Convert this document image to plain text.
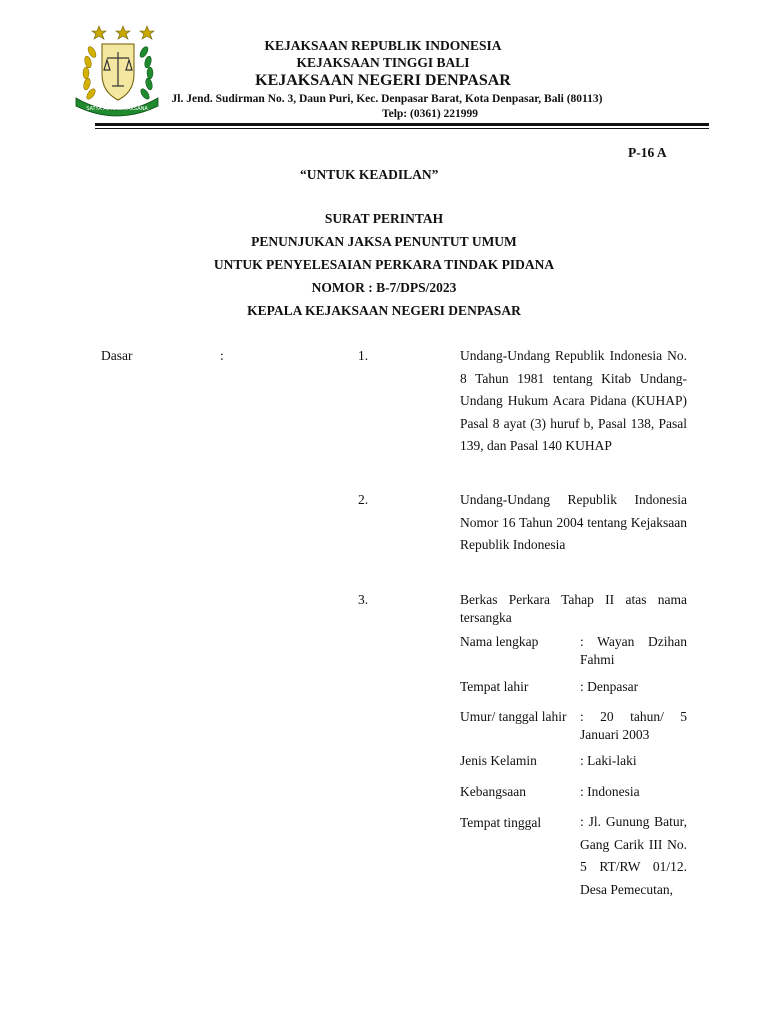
SATYA ADHI WICAKSANA
KEJAKSAAN REPUBLIK INDONESIA
KEJAKSAAN TINGGI BALI
KEJAKSAAN NEGERI DENPASAR
Jl. Jend. Sudirman No. 3, Daun Puri, Kec. Denpasar Barat, Kota Denpasar, Bali (80113)
Telp: (0361) 221999
P-16 A
“UNTUK KEADILAN”
SURAT PERINTAH
PENUNJUKAN JAKSA PENUNTUT UMUM
UNTUK PENYELESAIAN PERKARA TINDAK PIDANA
NOMOR : B-7/DPS/2023
KEPALA KEJAKSAAN NEGERI DENPASAR
Dasar	:	1.	Undang-Undang Republik Indonesia No. 8 Tahun 1981 tentang Kitab Undang-Undang Hukum Acara Pidana (KUHAP) Pasal 8 ayat (3) huruf b, Pasal 138, Pasal 139, dan Pasal 140 KUHAP
2.	Undang-Undang Republik Indonesia Nomor 16 Tahun 2004 tentang Kejaksaan Republik Indonesia
3.	Berkas Perkara Tahap II atas nama tersangka
Nama lengkap	: Wayan Dzihan Fahmi
Tempat lahir	: Denpasar
Umur/ tanggal lahir : 20 tahun/ 5 Januari 2003
Jenis Kelamin	: Laki-laki
Kebangsaan	: Indonesia
Tempat tinggal	: Jl. Gunung Batur, Gang Carik III No. 5 RT/RW 01/12. Desa Pemecutan,
